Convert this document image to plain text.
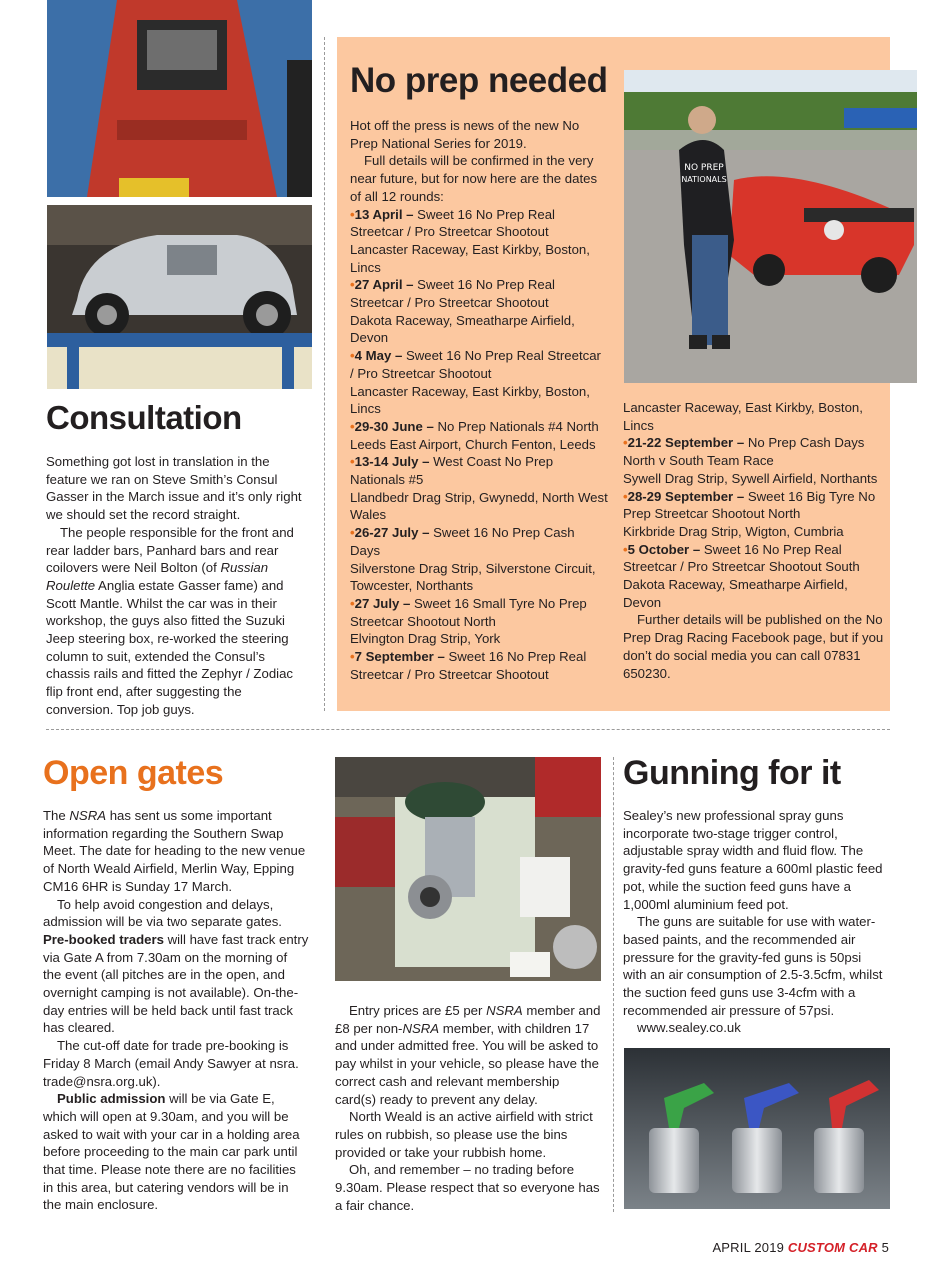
Consultation

Something got lost in translation in the feature we ran on Steve Smith’s Consul Gasser in the March issue and it’s only right we should set the record straight.

The people responsible for the front and rear ladder bars, Panhard bars and rear coilovers were Neil Bolton (of Russian Roulette Anglia estate Gasser fame) and Scott Mantle. Whilst the car was in their workshop, the guys also fitted the Suzuki Jeep steering box, re-worked the steering column to suit, extended the Consul’s chassis rails and fitted the Zephyr / Zodiac flip front end, after suggesting the conversion. Top job guys.

No prep needed
NO PREP
NATIONALS

Hot off the press is news of the new No Prep National Series for 2019.

Full details will be confirmed in the very near future, but for now here are the dates of all 12 rounds:

•13 April – Sweet 16 No Prep Real Streetcar / Pro Streetcar Shootout

Lancaster Raceway, East Kirkby, Boston, Lincs

•27 April – Sweet 16 No Prep Real Streetcar / Pro Streetcar Shootout

Dakota Raceway, Smeatharpe Airfield, Devon

•4 May – Sweet 16 No Prep Real Streetcar / Pro Streetcar Shootout

Lancaster Raceway, East Kirkby, Boston, Lincs

•29-30 June – No Prep Nationals #4 North

Leeds East Airport, Church Fenton, Leeds

•13-14 July – West Coast No Prep Nationals #5

Llandbedr Drag Strip, Gwynedd, North West Wales

•26-27 July – Sweet 16 No Prep Cash Days

Silverstone Drag Strip, Silverstone Circuit, Towcester, Northants

•27 July – Sweet 16 Small Tyre No Prep Streetcar Shootout North

Elvington Drag Strip, York

•7 September – Sweet 16 No Prep Real Streetcar / Pro Streetcar Shootout

Lancaster Raceway, East Kirkby, Boston, Lincs

•21-22 September – No Prep Cash Days North v South Team Race

Sywell Drag Strip, Sywell Airfield, Northants

•28-29 September – Sweet 16 Big Tyre No Prep Streetcar Shootout North

Kirkbride Drag Strip, Wigton, Cumbria

•5 October – Sweet 16 No Prep Real Streetcar / Pro Streetcar Shootout South

Dakota Raceway, Smeatharpe Airfield, Devon

Further details will be published on the No Prep Drag Racing Facebook page, but if you don’t do social media you can call 07831 650230.

Open gates

The NSRA has sent us some important information regarding the Southern Swap Meet. The date for heading to the new venue of North Weald Airfield, Merlin Way, Epping CM16 6HR is Sunday 17 March.

To help avoid congestion and delays, admission will be via two separate gates.

Pre-booked traders will have fast track entry via Gate A from 7.30am on the morning of the event (all pitches are in the open, and overnight camping is not available). On-the-day entries will be held back until fast track has cleared.

The cut-off date for trade pre-booking is Friday 8 March (email Andy Sawyer at nsra. trade@nsra.org.uk).

Public admission will be via Gate E, which will open at 9.30am, and you will be asked to wait with your car in a holding area before proceeding to the main car park until that time. Please note there are no facilities in this area, but catering vendors will be in the main enclosure.

Entry prices are £5 per NSRA member and £8 per non-NSRA member, with children 17 and under admitted free. You will be asked to pay whilst in your vehicle, so please have the correct cash and relevant membership card(s) ready to prevent any delay.

North Weald is an active airfield with strict rules on rubbish, so please use the bins provided or take your rubbish home.

Oh, and remember – no trading before 9.30am. Please respect that so everyone has a fair chance.

Gunning for it

Sealey’s new professional spray guns incorporate two-stage trigger control, adjustable spray width and fluid flow. The gravity-fed guns feature a 600ml plastic feed pot, while the suction feed guns have a 1,000ml aluminium feed pot.

The guns are suitable for use with water-based paints, and the recommended air pressure for the gravity-fed guns is 50psi with an air consumption of 2.5-3.5cfm, whilst the suction feed guns use 3-4cfm with a recommended air pressure of 57psi.

www.sealey.co.uk

APRIL 2019 CUSTOM CAR 5
